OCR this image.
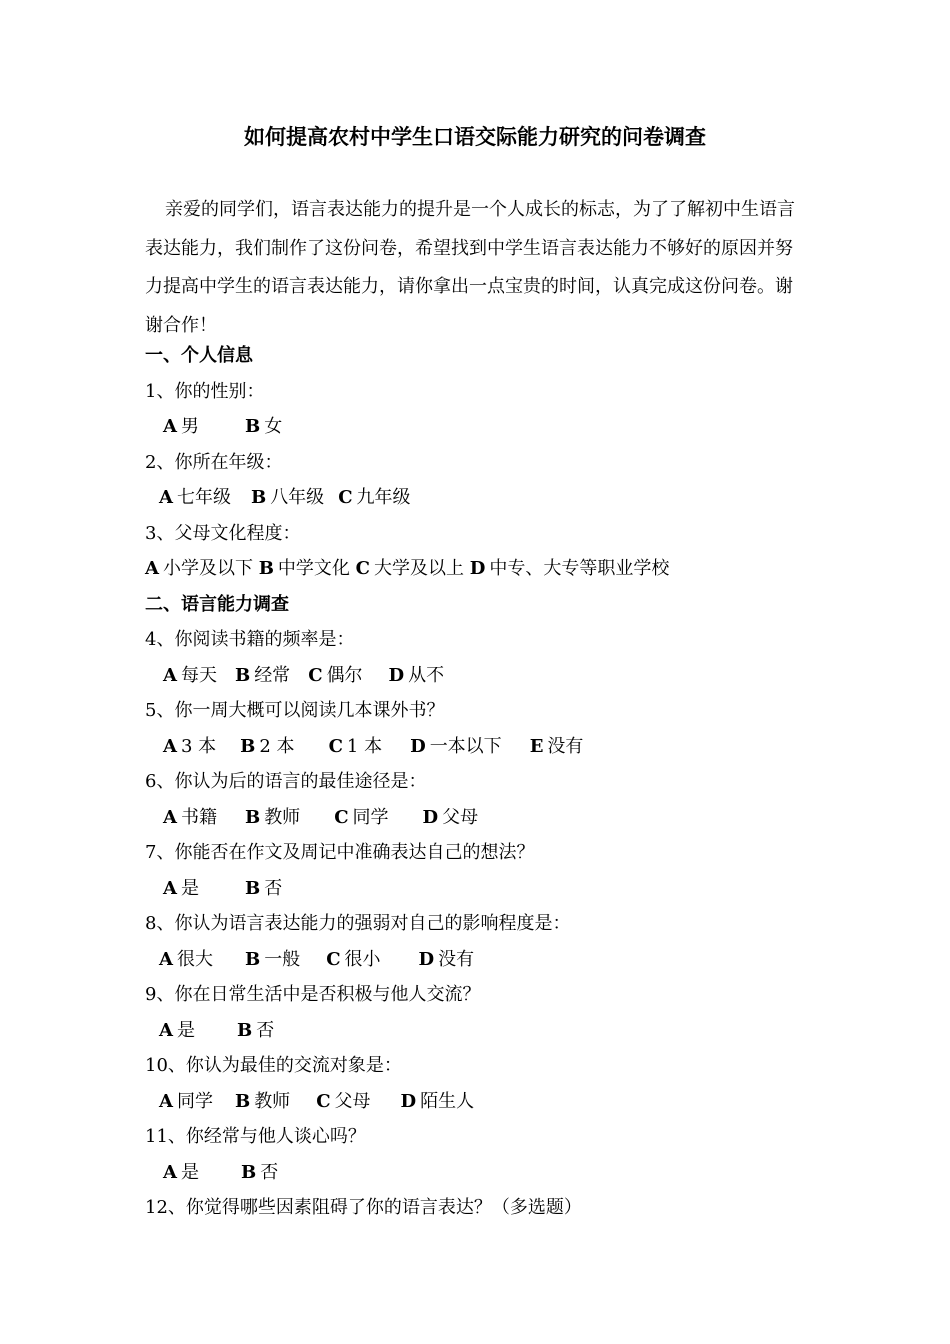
如何提高农村中学生口语交际能力研究的问卷调查

亲爱的同学们，语言表达能力的提升是一个人成长的标志，为了了解初中生语言表达能力，我们制作了这份问卷，希望找到中学生语言表达能力不够好的原因并努力提高中学生的语言表达能力，请你拿出一点宝贵的时间，认真完成这份问卷。谢谢合作！

一、个人信息
1、你的性别：
A 男	B 女
2、你所在年级：
A 七年级 B 八年级 C 九年级
3、父母文化程度：
A 小学及以下 B 中学文化 C 大学及以上 D 中专、大专等职业学校
二、语言能力调查
4、你阅读书籍的频率是：
A 每天 B 经常 C 偶尔 D 从不
5、你一周大概可以阅读几本课外书？
A 3 本 B 2 本 C 1 本 D 一本以下 E 没有
6、你认为后的语言的最佳途径是：
A 书籍 B 教师 C 同学 D 父母
7、你能否在作文及周记中准确表达自己的想法？
A 是	B 否
8、你认为语言表达能力的强弱对自己的影响程度是：
A 很大 B 一般 C 很小 D 没有
9、你在日常生活中是否积极与他人交流？
A 是 B 否
10、你认为最佳的交流对象是：
A 同学 B 教师 C 父母 D 陌生人
11、你经常与他人谈心吗？
A 是 B 否
12、你觉得哪些因素阻碍了你的语言表达？（多选题）
